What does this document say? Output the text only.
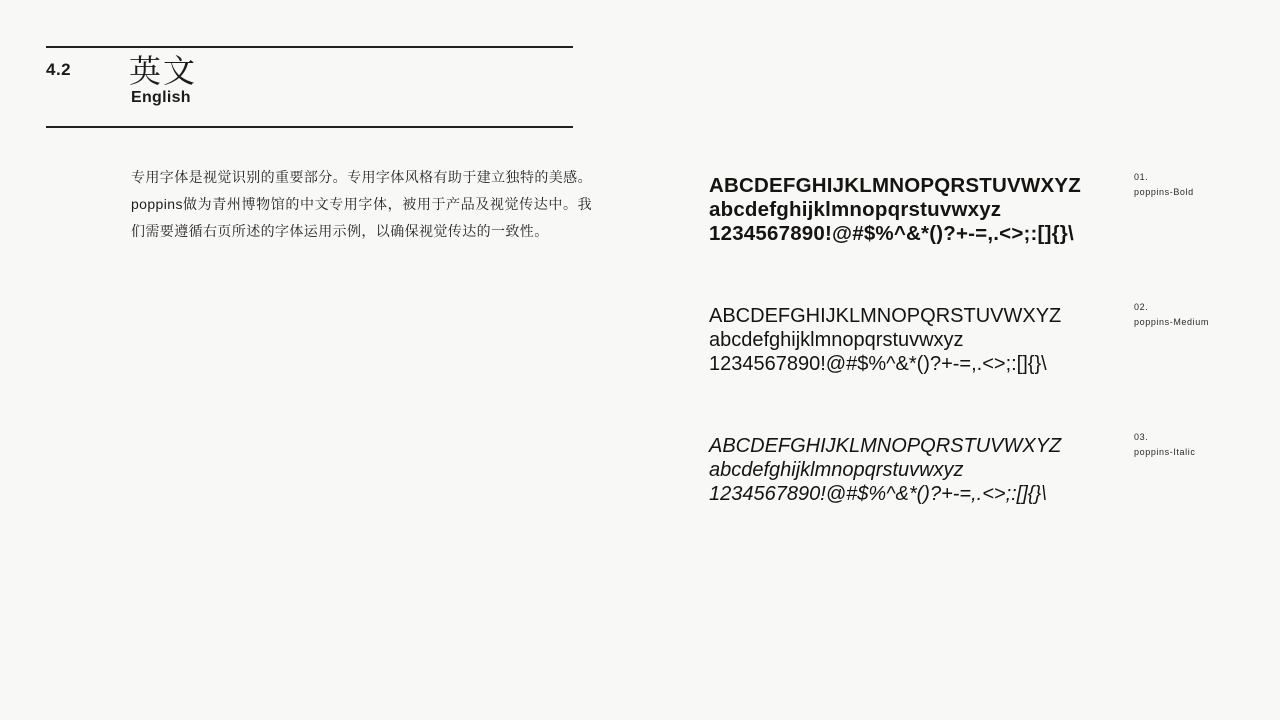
4.2 英文
English

专用字体是视觉识别的重要部分。专用字体风格有助于建立独特的美感。poppins做为青州博物馆的中文专用字体，被用于产品及视觉传达中。我们需要遵循右页所述的字体运用示例，以确保视觉传达的一致性。

ABCDEFGHIJKLMNOPQRSTUVWXYZ
abcdefghijklmnopqrstuvwxyz
1234567890!@#$%^&*()?+-=,.<>;:[]{}\
01.
poppins-Bold
ABCDEFGHIJKLMNOPQRSTUVWXYZ
abcdefghijklmnopqrstuvwxyz
1234567890!@#$%^&*()?+-=,.<>;:[]{}\
02.
poppins-Medium
ABCDEFGHIJKLMNOPQRSTUVWXYZ
abcdefghijklmnopqrstuvwxyz
1234567890!@#$%^&*()?+-=,.<>;:[]{}\
03.
poppins-Italic
